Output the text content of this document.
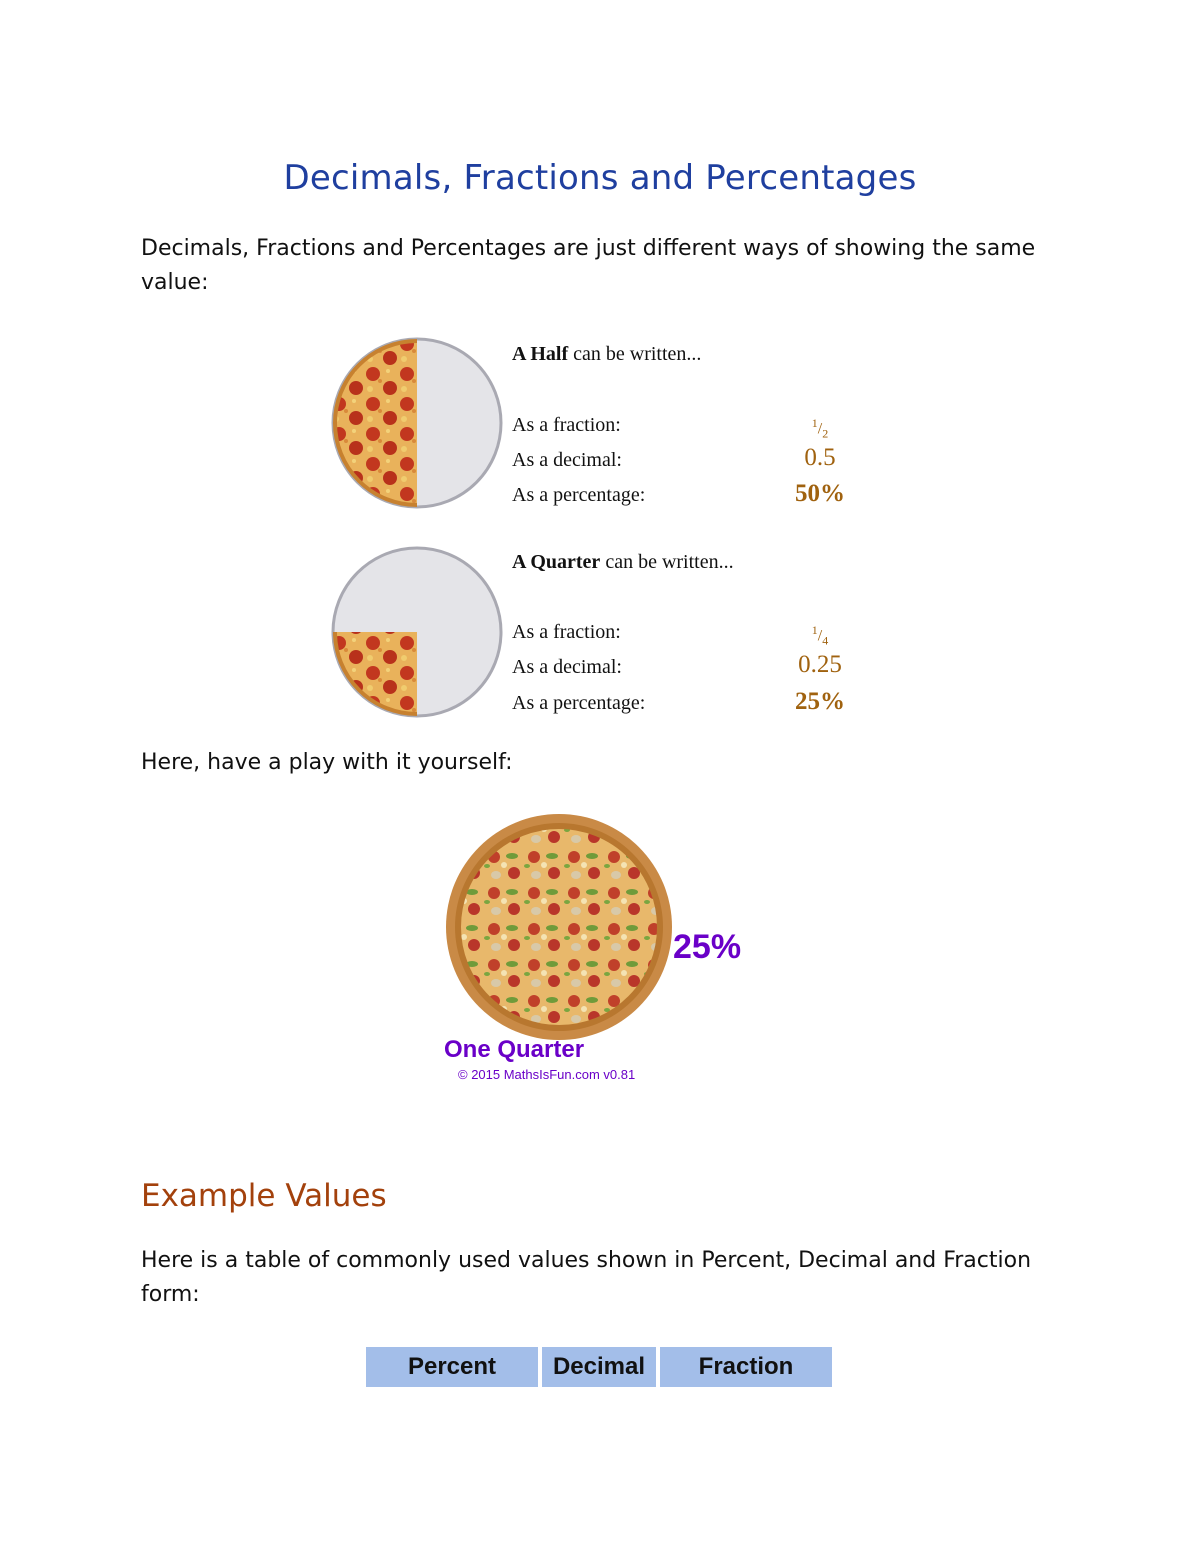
Decimals, Fractions and Percentages
Decimals, Fractions and Percentages are just different ways of showing the same value:
A Half can be written...
As a fraction:	$^1/_2$
As a decimal:	0.5
As a percentage:	50%
A Quarter can be written...
As a fraction:	$^1/_4$
As a decimal:	0.25
As a percentage:	25%
Here, have a play with it yourself:
25%
One Quarter
© 2015 MathsIsFun.com v0.81
Example Values
Here is a table of commonly used values shown in Percent, Decimal and Fraction form:
Percent	Decimal	Fraction
